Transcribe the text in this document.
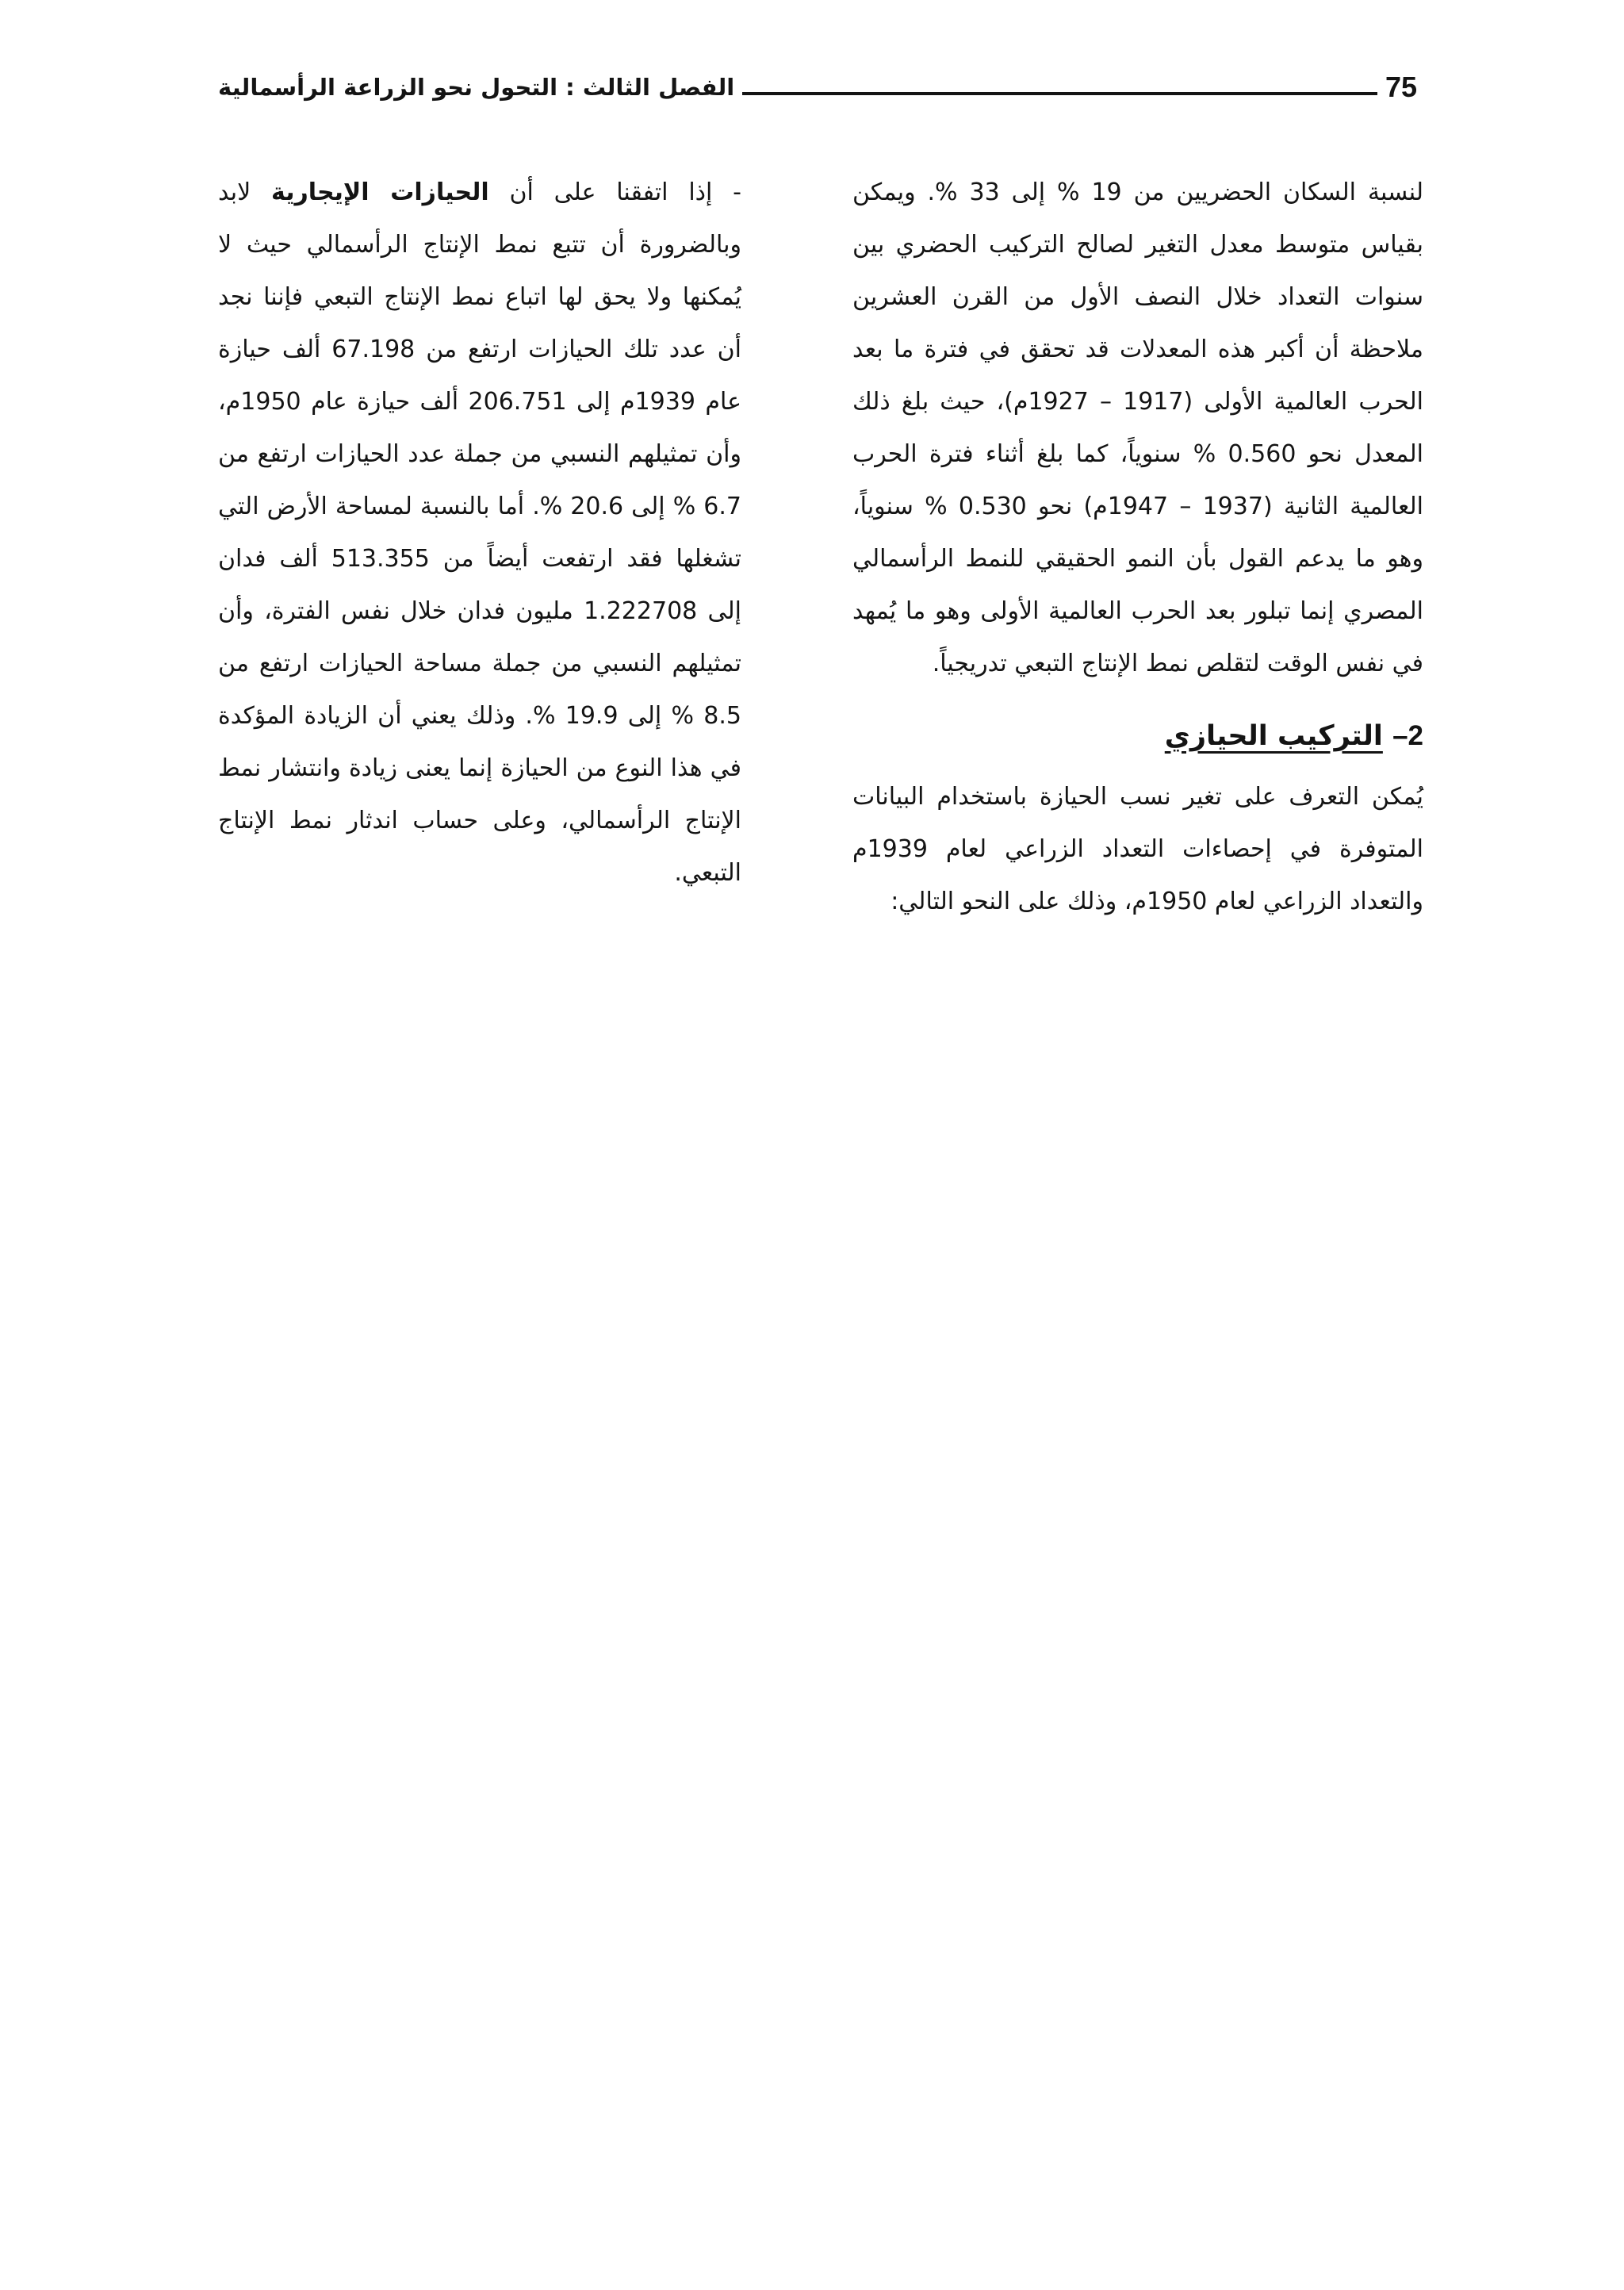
75
الفصل الثالث : التحول نحو الزراعة الرأسمالية

لنسبة السكان الحضريين من 19 % إلى 33 %. ويمكن بقياس متوسط معدل التغير لصالح التركيب الحضري بين سنوات التعداد خلال النصف الأول من القرن العشرين ملاحظة أن أكبر هذه المعدلات قد تحقق في فترة ما بعد الحرب العالمية الأولى (1917 – 1927م)، حيث بلغ ذلك المعدل نحو 0.560 % سنوياً، كما بلغ أثناء فترة الحرب العالمية الثانية (1937 – 1947م) نحو 0.530 % سنوياً، وهو ما يدعم القول بأن النمو الحقيقي للنمط الرأسمالي المصري إنما تبلور بعد الحرب العالمية الأولى وهو ما يُمهد في نفس الوقت لتقلص نمط الإنتاج التبعي تدريجياً.

2– التركيب الحيازي

يُمكن التعرف على تغير نسب الحيازة باستخدام البيانات المتوفرة في إحصاءات التعداد الزراعي لعام 1939م والتعداد الزراعي لعام 1950م، وذلك على النحو التالي:

- إذا اتفقنا على أن الحيازات الإيجارية لابد وبالضرورة أن تتبع نمط الإنتاج الرأسمالي حيث لا يُمكنها ولا يحق لها اتباع نمط الإنتاج التبعي فإننا نجد أن عدد تلك الحيازات ارتفع من 67.198 ألف حيازة عام 1939م إلى 206.751 ألف حيازة عام 1950م، وأن تمثيلهم النسبي من جملة عدد الحيازات ارتفع من 6.7 % إلى 20.6 %. أما بالنسبة لمساحة الأرض التي تشغلها فقد ارتفعت أيضاً من 513.355 ألف فدان إلى 1.222708 مليون فدان خلال نفس الفترة، وأن تمثيلهم النسبي من جملة مساحة الحيازات ارتفع من 8.5 % إلى 19.9 %. وذلك يعني أن الزيادة المؤكدة في هذا النوع من الحيازة إنما يعنى زيادة وانتشار نمط الإنتاج الرأسمالي، وعلى حساب اندثار نمط الإنتاج التبعي.
